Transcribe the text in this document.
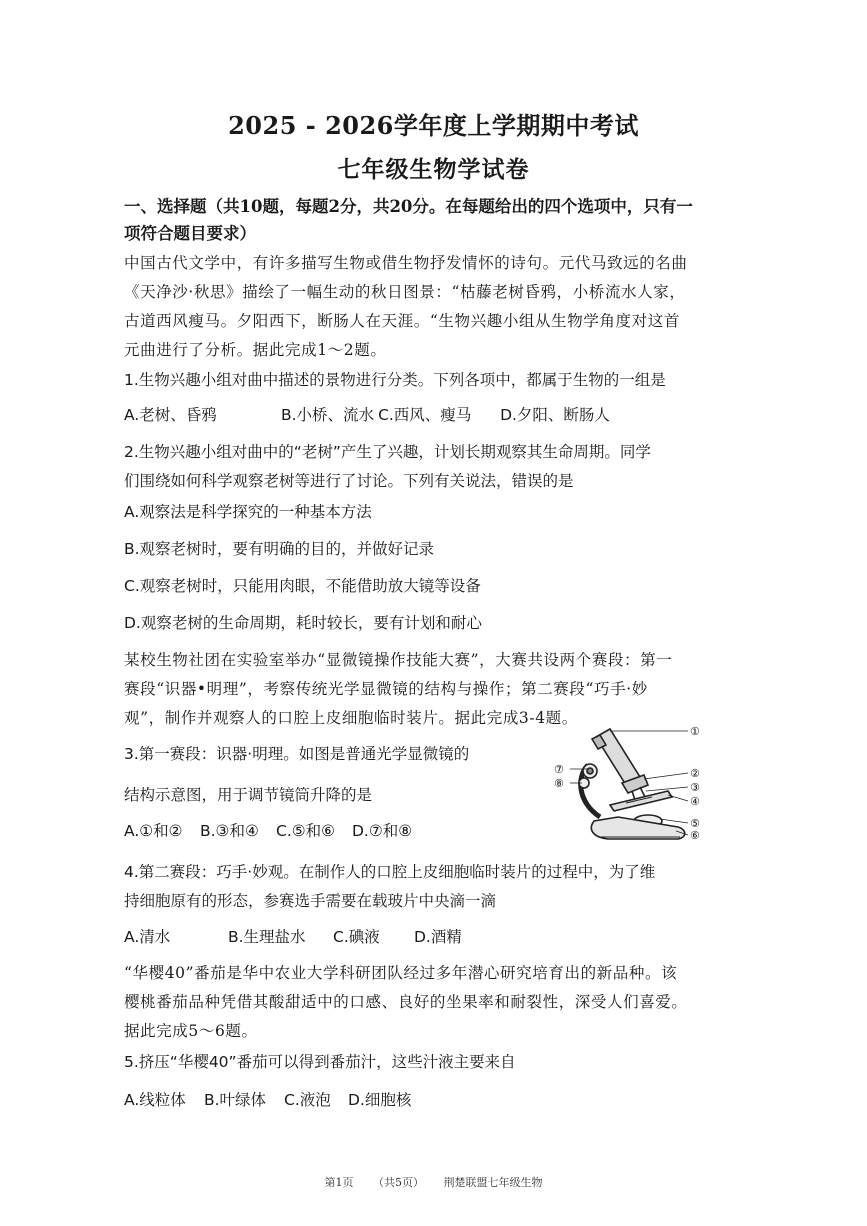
2025 - 2026学年度上学期期中考试
七年级生物学试卷
一、选择题（共10题，每题2分，共20分。在每题给出的四个选项中，只有一
项符合题目要求）
中国古代文学中，有许多描写生物或借生物抒发情怀的诗句。元代马致远的名曲
《天净沙·秋思》描绘了一幅生动的秋日图景：“枯藤老树昏鸦，小桥流水人家，
古道西风瘦马。夕阳西下，断肠人在天涯。“生物兴趣小组从生物学角度对这首
元曲进行了分析。据此完成1～2题。
1.生物兴趣小组对曲中描述的景物进行分类。下列各项中，都属于生物的一组是
A.老树、昏鸦	B.小桥、流水 C.西风、瘦马 D.夕阳、断肠人
2.生物兴趣小组对曲中的“老树”产生了兴趣，计划长期观察其生命周期。同学
们围绕如何科学观察老树等进行了讨论。下列有关说法，错误的是
A.观察法是科学探究的一种基本方法
B.观察老树时，要有明确的目的，并做好记录
C.观察老树时，只能用肉眼，不能借助放大镜等设备
D.观察老树的生命周期，耗时较长，要有计划和耐心
某校生物社团在实验室举办“显微镜操作技能大赛”，大赛共设两个赛段：第一
赛段“识器•明理”，考察传统光学显微镜的结构与操作；第二赛段“巧手·妙
观”，制作并观察人的口腔上皮细胞临时装片。据此完成3-4题。
3.第一赛段：识器·明理。如图是普通光学显微镜的
结构示意图，用于调节镜筒升降的是
A.①和② B.③和④ C.⑤和⑥ D.⑦和⑧
①
②
③
④
⑤
⑥
⑦
⑧
4.第二赛段：巧手·妙观。在制作人的口腔上皮细胞临时装片的过程中，为了维
持细胞原有的形态，参赛选手需要在载玻片中央滴一滴
A.清水	B.生理盐水 C.碘液 D.酒精
“华樱40”番茄是华中农业大学科研团队经过多年潜心研究培育出的新品种。该
樱桃番茄品种凭借其酸甜适中的口感、良好的坐果率和耐裂性，深受人们喜爱。
据此完成5～6题。
5.挤压“华樱40”番茄可以得到番茄汁，这些汁液主要来自
A.线粒体 B.叶绿体 C.液泡 D.细胞核
第1页 （共5页） 荆楚联盟七年级生物
